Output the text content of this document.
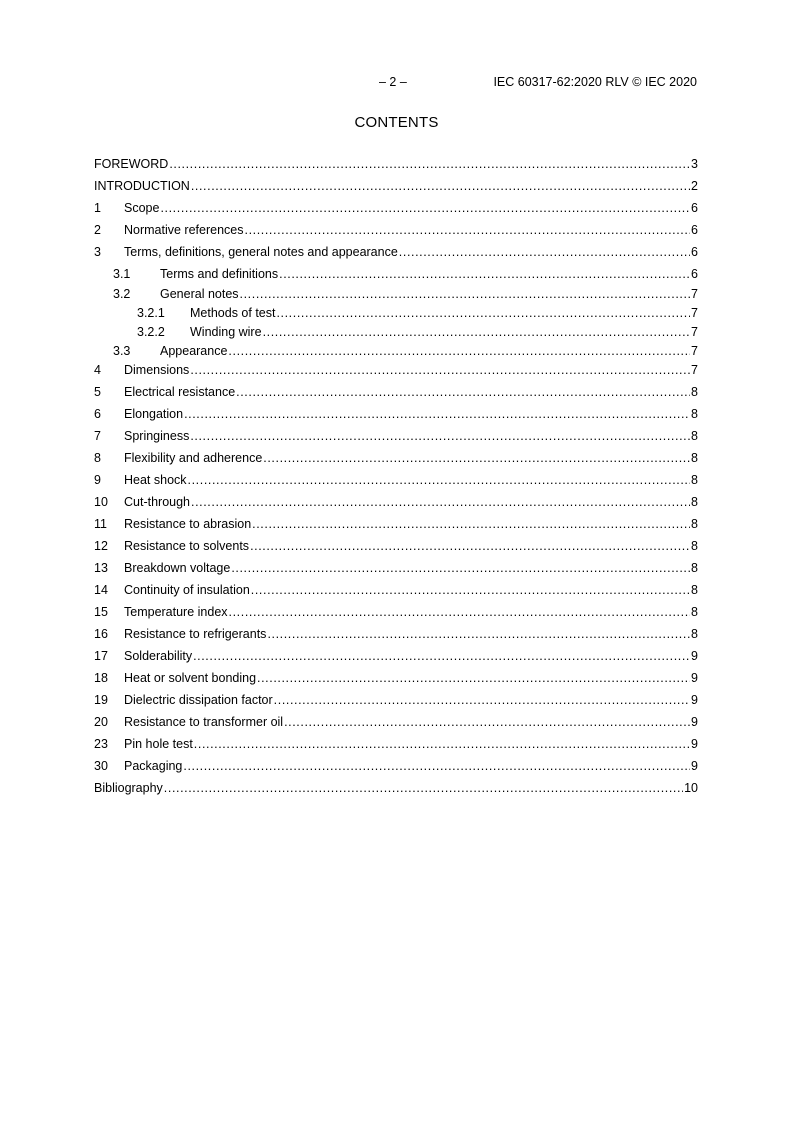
– 2 –	IEC 60317-62:2020 RLV © IEC 2020
CONTENTS
FOREWORD .....	3
INTRODUCTION .....	2
1	Scope .....	6
2	Normative references .....	6
3	Terms, definitions, general notes and appearance .....	6
3.1	Terms and definitions .....	6
3.2	General notes .....	7
3.2.1	Methods of test .....	7
3.2.2	Winding wire .....	7
3.3	Appearance .....	7
4	Dimensions .....	7
5	Electrical resistance .....	8
6	Elongation .....	8
7	Springiness .....	8
8	Flexibility and adherence .....	8
9	Heat shock .....	8
10	Cut-through .....	8
11	Resistance to abrasion .....	8
12	Resistance to solvents .....	8
13	Breakdown voltage .....	8
14	Continuity of insulation .....	8
15	Temperature index .....	8
16	Resistance to refrigerants .....	8
17	Solderability .....	9
18	Heat or solvent bonding .....	9
19	Dielectric dissipation factor .....	9
20	Resistance to transformer oil .....	9
23	Pin hole test .....	9
30	Packaging .....	9
Bibliography .....	10
